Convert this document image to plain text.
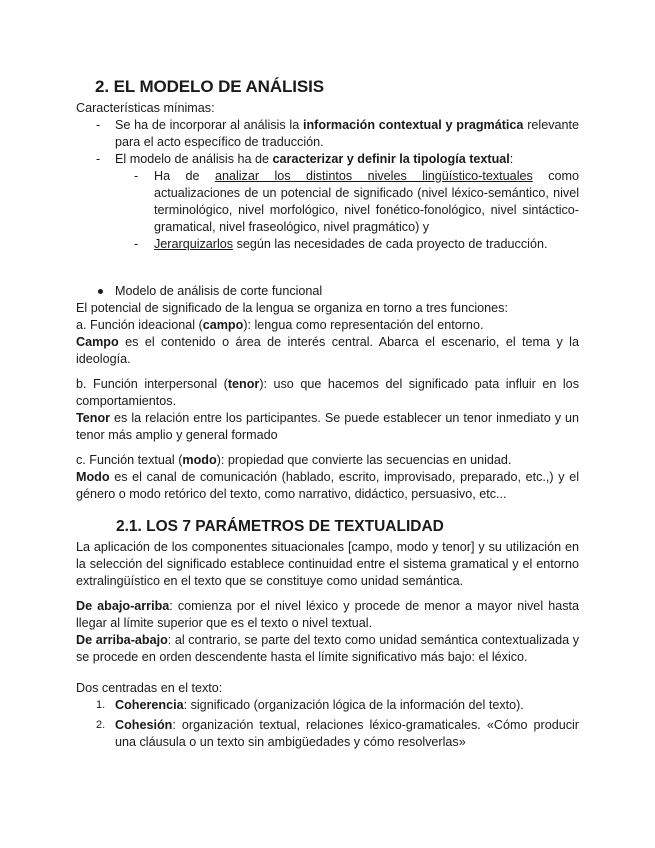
2. EL MODELO DE ANÁLISIS

Características mínimas:

- Se ha de incorporar al análisis la información contextual y pragmática relevante para el acto específico de traducción.
- El modelo de análisis ha de caracterizar y definir la tipología textual:
- Ha de analizar los distintos niveles lingüístico-textuales como actualizaciones de un potencial de significado (nivel léxico-semántico, nivel terminológico, nivel morfológico, nivel fonético-fonológico, nivel sintáctico-gramatical, nivel fraseológico, nivel pragmático) y
- Jerarquizarlos según las necesidades de cada proyecto de traducción.

Modelo de análisis de corte funcional

El potencial de significado de la lengua se organiza en torno a tres funciones:

a. Función ideacional (campo): lengua como representación del entorno.

Campo es el contenido o área de interés central. Abarca el escenario, el tema y la ideología.

b. Función interpersonal (tenor): uso que hacemos del significado pata influir en los comportamientos.

Tenor es la relación entre los participantes. Se puede establecer un tenor inmediato y un tenor más amplio y general formado

c. Función textual (modo): propiedad que convierte las secuencias en unidad.

Modo es el canal de comunicación (hablado, escrito, improvisado, preparado, etc.,) y el género o modo retórico del texto, como narrativo, didáctico, persuasivo, etc...

2.1. LOS 7 PARÁMETROS DE TEXTUALIDAD

La aplicación de los componentes situacionales [campo, modo y tenor] y su utilización en la selección del significado establece continuidad entre el sistema gramatical y el entorno extralingüístico en el texto que se constituye como unidad semántica.

De abajo-arriba: comienza por el nivel léxico y procede de menor a mayor nivel hasta llegar al límite superior que es el texto o nivel textual.

De arriba-abajo: al contrario, se parte del texto como unidad semántica contextualizada y se procede en orden descendente hasta el límite significativo más bajo: el léxico.

Dos centradas en el texto:

1. Coherencia: significado (organización lógica de la información del texto).
2. Cohesión: organización textual, relaciones léxico-gramaticales. «Cómo producir una cláusula o un texto sin ambigüedades y cómo resolverlas»
